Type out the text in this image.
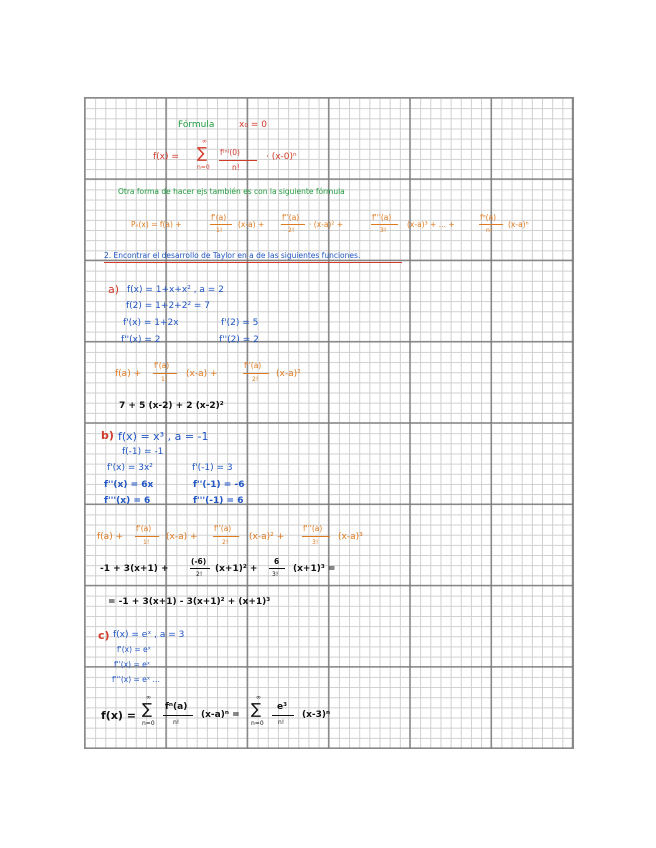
Fórmula	x₀ = 0
f(x) =
∞
∑
n=0
f⁽ⁿ⁾(0)
n!
· (x-0)ⁿ
Otra forma de hacer ejs también es con la siguiente fórmula
Pₙ(x) = f(a) +
f'(a)
1!
(x-a) +
f''(a)
2!
· (x-a)² +
f'''(a)
3!
(x-a)³ + … +
fⁿ(a)
n!
(x-a)ⁿ
2. Encontrar el desarrollo de Taylor en a de las siguientes funciones.
a) f(x) = 1+x+x² , a = 2
f(2) = 1+2+2² = 7
f'(x) = 1+2x	f'(2) = 5
f''(x) = 2	f''(2) = 2
f(a) +
f'(a)
1!
(x-a) +
f''(a)
2!
(x-a)²
7 + 5 (x-2) + 2 (x-2)²
b) f(x) = x³ , a = -1
f(-1) = -1
f'(x) = 3x²	f'(-1) = 3
f''(x) = 6x	f''(-1) = -6
f'''(x) = 6	f'''(-1) = 6
f(a) +
f'(a)
1!
(x-a) +
f''(a)
2!
(x-a)² +
f'''(a)
3!
(x-a)³
-1 + 3(x+1) +
(-6)
2!
(x+1)² +
6
3!
(x+1)³ =
= -1 + 3(x+1) - 3(x+1)² + (x+1)³
c) f(x) = eˣ , a = 3
f'(x) = eˣ
f''(x) = eˣ
f'''(x) = eˣ …
f(x) =
∞
∑
n=0
fⁿ(a)
n!
(x-a)ⁿ =
∞
∑
n=0
e³
n!
(x-3)ⁿ
